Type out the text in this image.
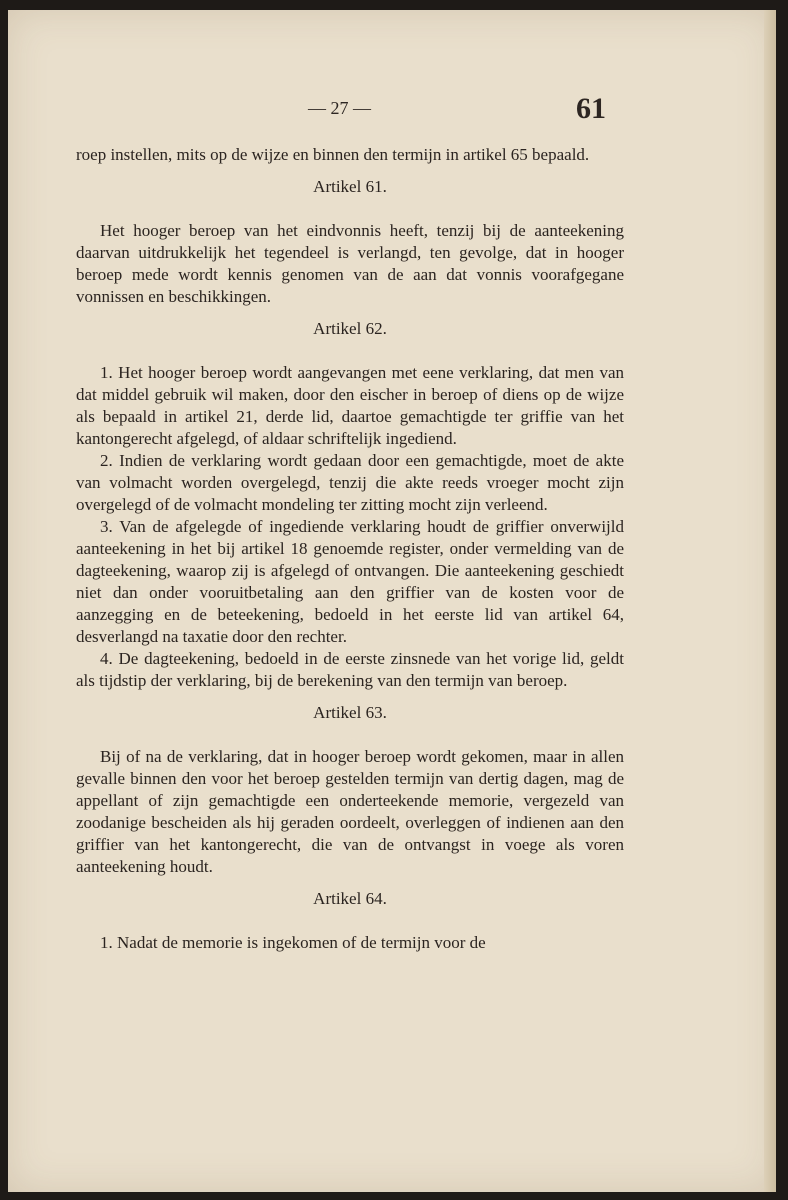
— 27 —	61

roep instellen, mits op de wijze en binnen den termijn in artikel 65 bepaald.

Artikel 61.

Het hooger beroep van het eindvonnis heeft, tenzij bij de aanteekening daarvan uitdrukkelijk het tegendeel is verlangd, ten gevolge, dat in hooger beroep mede wordt kennis genomen van de aan dat vonnis voorafgegane vonnissen en beschikkingen.

Artikel 62.

1. Het hooger beroep wordt aangevangen met eene verklaring, dat men van dat middel gebruik wil maken, door den eischer in beroep of diens op de wijze als bepaald in artikel 21, derde lid, daartoe gemachtigde ter griffie van het kantongerecht afgelegd, of aldaar schriftelijk ingediend.

2. Indien de verklaring wordt gedaan door een gemachtigde, moet de akte van volmacht worden overgelegd, tenzij die akte reeds vroeger mocht zijn overgelegd of de volmacht mondeling ter zitting mocht zijn verleend.

3. Van de afgelegde of ingediende verklaring houdt de griffier onverwijld aanteekening in het bij artikel 18 genoemde register, onder vermelding van de dagteekening, waarop zij is afgelegd of ontvangen. Die aanteekening geschiedt niet dan onder vooruitbetaling aan den griffier van de kosten voor de aanzegging en de beteekening, bedoeld in het eerste lid van artikel 64, desverlangd na taxatie door den rechter.

4. De dagteekening, bedoeld in de eerste zinsnede van het vorige lid, geldt als tijdstip der verklaring, bij de berekening van den termijn van beroep.

Artikel 63.

Bij of na de verklaring, dat in hooger beroep wordt gekomen, maar in allen gevalle binnen den voor het beroep gestelden termijn van dertig dagen, mag de appellant of zijn gemachtigde een onderteekende memorie, vergezeld van zoodanige bescheiden als hij geraden oordeelt, overleggen of indienen aan den griffier van het kantongerecht, die van de ontvangst in voege als voren aanteekening houdt.

Artikel 64.

1. Nadat de memorie is ingekomen of de termijn voor de
